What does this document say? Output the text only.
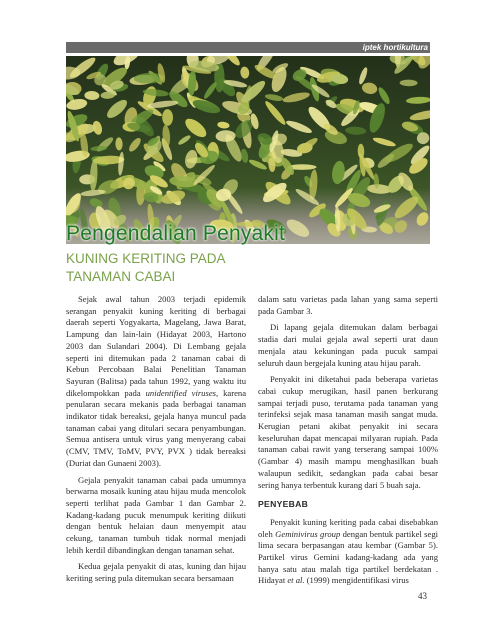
iptek hortikultura
Pengendalian Penyakit
KUNING KERITING PADA TANAMAN CABAI

Sejak awal tahun 2003 terjadi epidemik serangan penyakit kuning keriting di berbagai daerah seperti Yogyakarta, Magelang, Jawa Barat, Lampung dan lain-lain (Hidayat 2003, Hartono 2003 dan Sulandari 2004). Di Lembang gejala seperti ini ditemukan pada 2 tanaman cabai di Kebun Percobaan Balai Penelitian Tanaman Sayuran (Balitsa) pada tahun 1992, yang waktu itu dikelompokkan pada unidentified viruses, karena penularan secara mekanis pada berbagai tanaman indikator tidak bereaksi, gejala hanya muncul pada tanaman cabai yang ditulari secara penyambungan. Semua antisera untuk virus yang menyerang cabai (CMV, TMV, ToMV, PVY, PVX ) tidak bereaksi (Duriat dan Gunaeni 2003).

Gejala penyakit tanaman cabai pada umumnya berwarna mosaik kuning atau hijau muda mencolok seperti terlihat pada Gambar 1 dan Gambar 2. Kadang-kadang pucuk menumpuk keriting diikuti dengan bentuk helaian daun menyempit atau cekung, tanaman tumbuh tidak normal menjadi lebih kerdil dibandingkan dengan tanaman sehat.

Kedua gejala penyakit di atas, kuning dan hijau keriting sering pula ditemukan secara bersamaan

dalam satu varietas pada lahan yang sama seperti pada Gambar 3.

Di lapang gejala ditemukan dalam berbagai stadia dari mulai gejala awal seperti urat daun menjala atau kekuningan pada pucuk sampai seluruh daun bergejala kuning atau hijau parah.

Penyakit ini diketahui pada beberapa varietas cabai cukup merugikan, hasil panen berkurang sampai terjadi puso, terutama pada tanaman yang terinfeksi sejak masa tanaman masih sangat muda. Kerugian petani akibat penyakit ini secara keseluruhan dapat mencapai milyaran rupiah. Pada tanaman cabai rawit yang terserang sampai 100% (Gambar 4) masih mampu menghasilkan buah walaupun sedikit, sedangkan pada cabai besar sering hanya terbentuk kurang dari 5 buah saja.

PENYEBAB

Penyakit kuning keriting pada cabai disebabkan oleh Geminivirus group dengan bentuk partikel segi lima secara berpasangan atau kembar (Gambar 5). Partikel virus Gemini kadang-kadang ada yang hanya satu atau malah tiga partikel berdekatan . Hidayat et al. (1999) mengidentifikasi virus

43
